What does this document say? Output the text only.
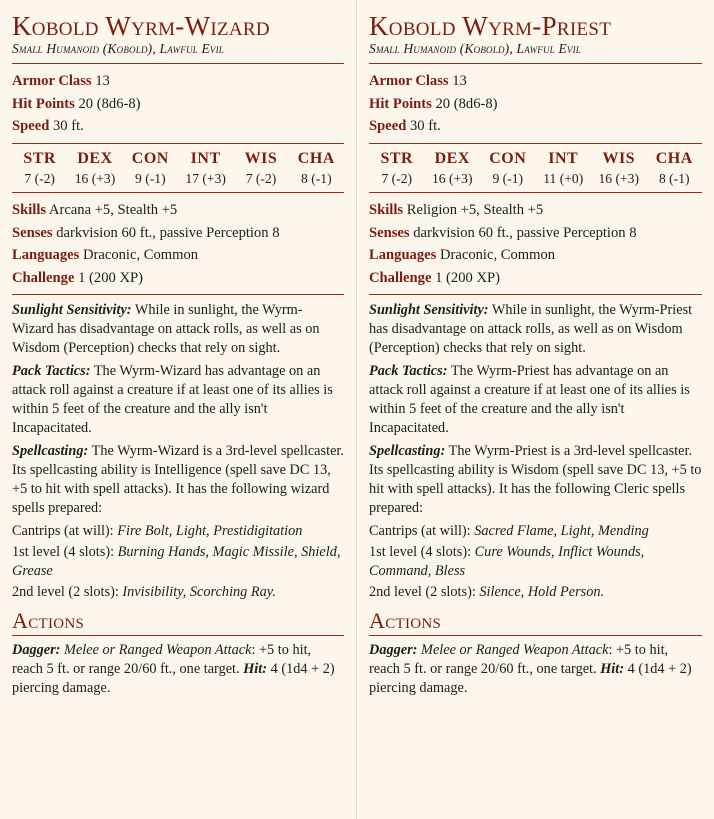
Kobold Wyrm-Wizard
Small Humanoid (Kobold), Lawful Evil
Armor Class 13
Hit Points 20 (8d6-8)
Speed 30 ft.
STR	DEX	CON	INT	WIS	CHA
7 (-2)	16 (+3)	9 (-1)	17 (+3)	7 (-2)	8 (-1)
Skills Arcana +5, Stealth +5
Senses darkvision 60 ft., passive Perception 8
Languages Draconic, Common
Challenge 1 (200 XP)
Sunlight Sensitivity: While in sunlight, the Wyrm-Wizard has disadvantage on attack rolls, as well as on Wisdom (Perception) checks that rely on sight.
Pack Tactics: The Wyrm-Wizard has advantage on an attack roll against a creature if at least one of its allies is within 5 feet of the creature and the ally isn't Incapacitated.
Spellcasting: The Wyrm-Wizard is a 3rd-level spellcaster. Its spellcasting ability is Intelligence (spell save DC 13, +5 to hit with spell attacks). It has the following wizard spells prepared:
Cantrips (at will): Fire Bolt, Light, Prestidigitation
1st level (4 slots): Burning Hands, Magic Missile, Shield, Grease
2nd level (2 slots): Invisibility, Scorching Ray.
Actions
Dagger: Melee or Ranged Weapon Attack: +5 to hit, reach 5 ft. or range 20/60 ft., one target. Hit: 4 (1d4 + 2) piercing damage.
Kobold Wyrm-Priest
Small Humanoid (Kobold), Lawful Evil
Armor Class 13
Hit Points 20 (8d6-8)
Speed 30 ft.
STR	DEX	CON	INT	WIS	CHA
7 (-2)	16 (+3)	9 (-1)	11 (+0)	16 (+3)	8 (-1)
Skills Religion +5, Stealth +5
Senses darkvision 60 ft., passive Perception 8
Languages Draconic, Common
Challenge 1 (200 XP)
Sunlight Sensitivity: While in sunlight, the Wyrm-Priest has disadvantage on attack rolls, as well as on Wisdom (Perception) checks that rely on sight.
Pack Tactics: The Wyrm-Priest has advantage on an attack roll against a creature if at least one of its allies is within 5 feet of the creature and the ally isn't Incapacitated.
Spellcasting: The Wyrm-Priest is a 3rd-level spellcaster. Its spellcasting ability is Wisdom (spell save DC 13, +5 to hit with spell attacks). It has the following Cleric spells prepared:
Cantrips (at will): Sacred Flame, Light, Mending
1st level (4 slots): Cure Wounds, Inflict Wounds, Command, Bless
2nd level (2 slots): Silence, Hold Person.
Actions
Dagger: Melee or Ranged Weapon Attack: +5 to hit, reach 5 ft. or range 20/60 ft., one target. Hit: 4 (1d4 + 2) piercing damage.
